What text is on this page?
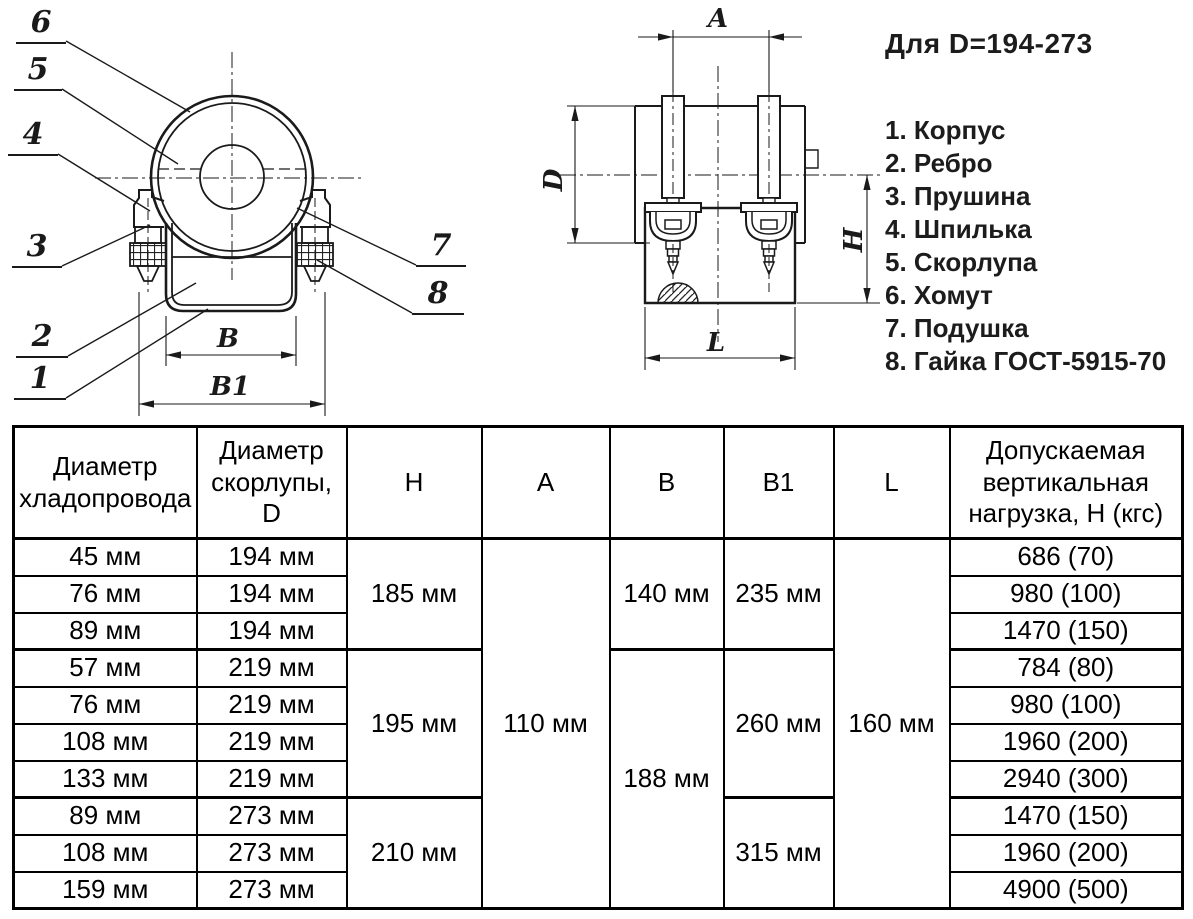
6
5
4
3
2
1
7
8
B
B1
A
D
H
L
Для D=194-273
1. Корпус
2. Ребро
3. Прушина
4. Шпилька
5. Скорлупа
6. Хомут
7. Подушка
8. Гайка ГОСТ-5915-70
Диаметр хладопровода	Диаметр скорлупы, D	H	A	B	B1	L	Допускаемая вертикальная нагрузка, Н (кгс)
45 мм	194 мм	185 мм	110 мм	140 мм	235 мм	160 мм	686 (70)
76 мм	194 мм						980 (100)
89 мм	194 мм						1470 (150)
57 мм	219 мм	195 мм		188 мм	260 мм		784 (80)
76 мм	219 мм						980 (100)
108 мм	219 мм						1960 (200)
133 мм	219 мм						2940 (300)
89 мм	273 мм	210 мм			315 мм		1470 (150)
108 мм	273 мм						1960 (200)
159 мм	273 мм						4900 (500)
